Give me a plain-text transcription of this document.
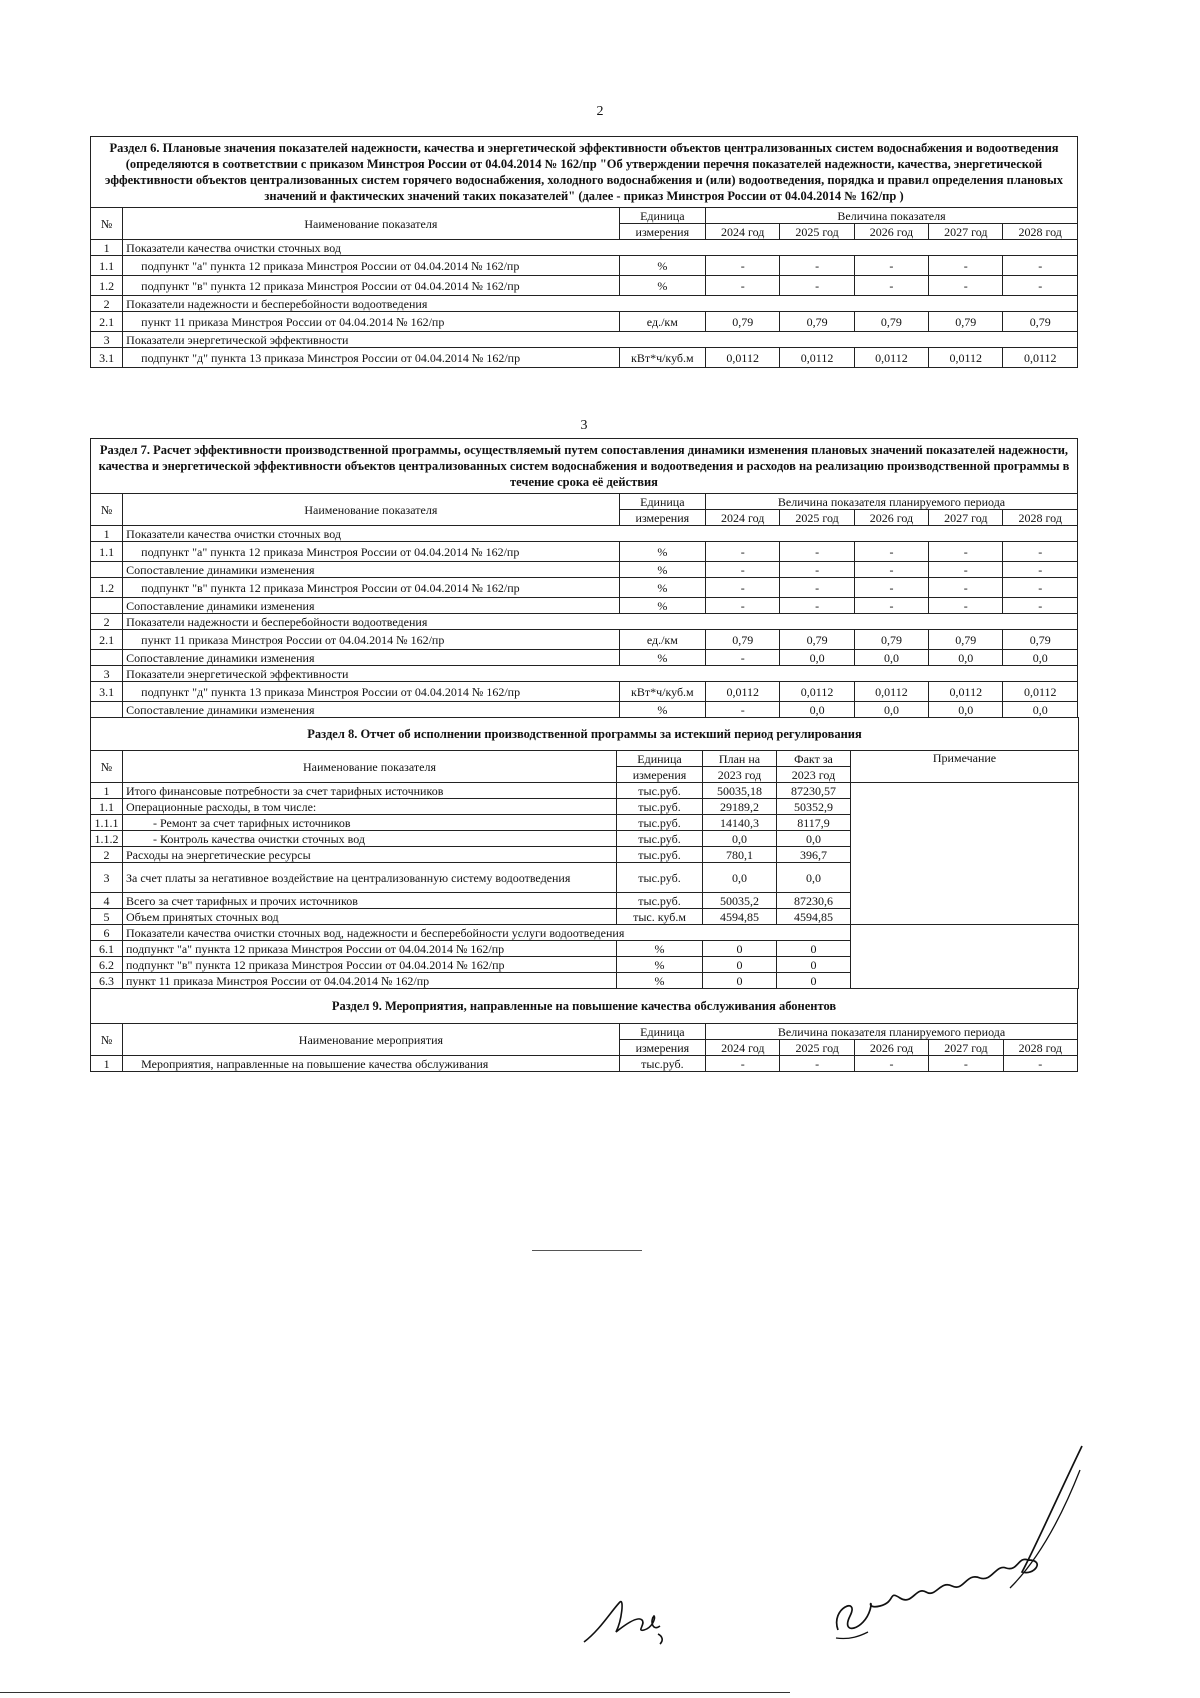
2
Раздел 6. Плановые значения показателей надежности, качества и энергетической эффективности объектов централизованных систем водоснабжения и водоотведения (определяются в соответствии с приказом Минстроя России от 04.04.2014 № 162/пр "Об утверждении перечня показателей надежности, качества, энергетической эффективности объектов централизованных систем горячего водоснабжения, холодного водоснабжения и (или) водоотведения, порядка и правил определения плановых значений и фактических значений таких показателей" (далее - приказ Минстроя России от 04.04.2014 № 162/пр )							
№	Наименование показателя	Единица	Величина показателя				
		измерения	2024 год	2025 год	2026 год	2027 год	2028 год
1	Показатели качества очистки сточных вод						
1.1	подпункт "а" пункта 12 приказа Минстроя России от 04.04.2014 № 162/пр	%	-	-	-	-	-
1.2	подпункт "в" пункта 12 приказа Минстроя России от 04.04.2014 № 162/пр	%	-	-	-	-	-
2	Показатели надежности и бесперебойности водоотведения						
2.1	пункт 11 приказа Минстроя России от 04.04.2014 № 162/пр	ед./км	0,79	0,79	0,79	0,79	0,79
3	Показатели энергетической эффективности						
3.1	подпункт "д" пункта 13 приказа Минстроя России от 04.04.2014 № 162/пр	кВт*ч/куб.м	0,0112	0,0112	0,0112	0,0112	0,0112
3
Раздел 7. Расчет эффективности производственной программы, осуществляемый путем сопоставления динамики изменения плановых значений показателей надежности, качества и энергетической эффективности объектов централизованных систем водоснабжения и водоотведения и расходов на реализацию производственной программы в течение срока её действия							
№	Наименование показателя	Единица	Величина показателя планируемого периода				
		измерения	2024 год	2025 год	2026 год	2027 год	2028 год
1	Показатели качества очистки сточных вод						
1.1	подпункт "а" пункта 12 приказа Минстроя России от 04.04.2014 № 162/пр	%	-	-	-	-	-
	Сопоставление динамики изменения	%	-	-	-	-	-
1.2	подпункт "в" пункта 12 приказа Минстроя России от 04.04.2014 № 162/пр	%	-	-	-	-	-
	Сопоставление динамики изменения	%	-	-	-	-	-
2	Показатели надежности и бесперебойности водоотведения						
2.1	пункт 11 приказа Минстроя России от 04.04.2014 № 162/пр	ед./км	0,79	0,79	0,79	0,79	0,79
	Сопоставление динамики изменения	%	-	0,0	0,0	0,0	0,0
3	Показатели энергетической эффективности						
3.1	подпункт "д" пункта 13 приказа Минстроя России от 04.04.2014 № 162/пр	кВт*ч/куб.м	0,0112	0,0112	0,0112	0,0112	0,0112
	Сопоставление динамики изменения	%	-	0,0	0,0	0,0	0,0
Раздел 8. Отчет об исполнении производственной программы за истекший период регулирования					
№	Наименование показателя	Единица	План на	Факт за	Примечание
		измерения	2023 год	2023 год	
1	Итого финансовые потребности за счет тарифных источников	тыс.руб.	50035,18	87230,57	
1.1	Операционные расходы, в том числе:	тыс.руб.	29189,2	50352,9	
1.1.1	- Ремонт за счет тарифных источников	тыс.руб.	14140,3	8117,9	
1.1.2	- Контроль качества очистки сточных вод	тыс.руб.	0,0	0,0	
2	Расходы на энергетические ресурсы	тыс.руб.	780,1	396,7	
3	За счет платы за негативное воздействие на централизованную систему водоотведения	тыс.руб.	0,0	0,0	
4	Всего за счет тарифных и прочих источников	тыс.руб.	50035,2	87230,6	
5	Объем принятых сточных вод	тыс. куб.м	4594,85	4594,85	
6	Показатели качества очистки сточных вод, надежности и бесперебойности услуги водоотведения				
6.1	подпункт "а" пункта 12 приказа Минстроя России от 04.04.2014 № 162/пр	%	0	0	
6.2	подпункт "в" пункта 12 приказа Минстроя России от 04.04.2014 № 162/пр	%	0	0	
6.3	пункт 11 приказа Минстроя России от 04.04.2014 № 162/пр	%	0	0	
Раздел 9. Мероприятия, направленные на повышение качества обслуживания абонентов							
№	Наименование мероприятия	Единица	Величина показателя планируемого периода				
		измерения	2024 год	2025 год	2026 год	2027 год	2028 год
1	Мероприятия, направленные на повышение качества обслуживания	тыс.руб.	-	-	-	-	-
